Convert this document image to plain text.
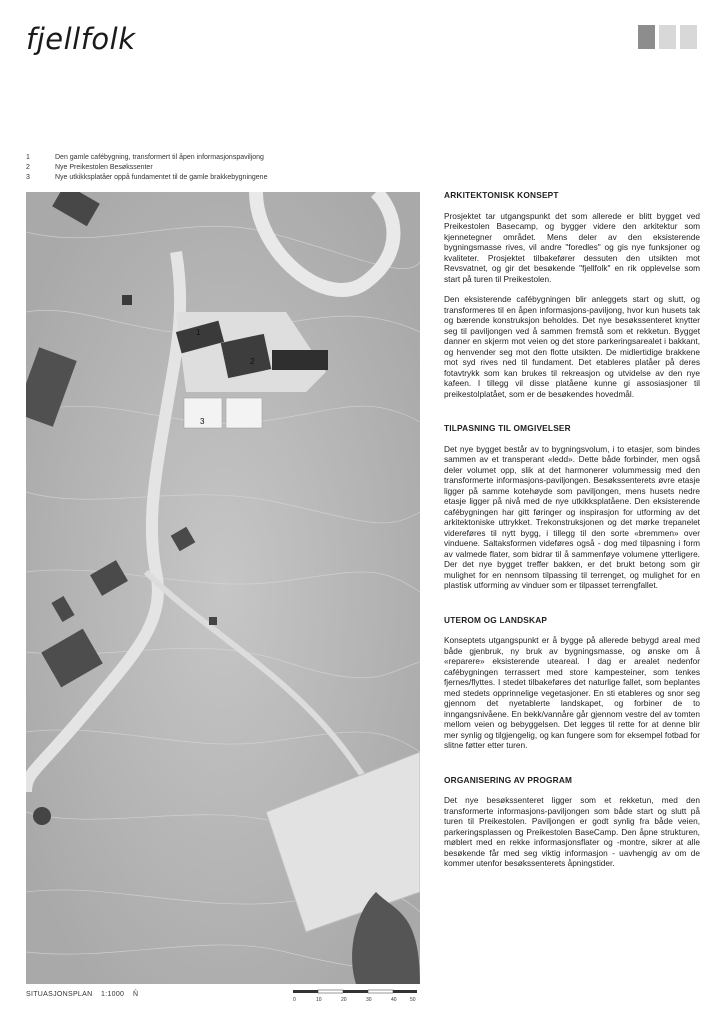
fjellfolk
1	Den gamle cafébygning, transformert til åpen informasjonspaviljong
2	Nye Preikestolen Besøkssenter
3	Nye utkikksplatåer oppå fundamentet til de gamle brakkebygningene
1
2
3
SITUASJONSPLAN 1:1000 N̂
0	10	20	30	40	50
ARKITEKTONISK KONSEPT

Prosjektet tar utgangspunkt det som allerede er blitt bygget ved Preikestolen Basecamp, og bygger videre den arkitektur som kjennetegner området. Mens deler av den eksisterende bygningsmasse rives, vil andre "foredles" og gis nye funksjoner og kvaliteter. Prosjektet tilbakefører dessuten den utsikten mot Revsvatnet, og gir det besøkende "fjellfolk" en rik opplevelse som start på turen til Preikestolen.

Den eksisterende cafébygningen blir anleggets start og slutt, og transformeres til en åpen informasjons-paviljong, hvor kun husets tak og bærende konstruksjon beholdes. Det nye besøkssenteret knytter seg til paviljongen ved å sammen fremstå som et rekketun. Bygget danner en skjerm mot veien og det store parkeringsarealet i bakkant, og henvender seg mot den flotte utsikten. De midlertidige brakkene mot syd rives ned til fundament. Det etableres platåer på deres fotavtrykk som kan brukes til rekreasjon og utvidelse av den nye kafeen. I tillegg vil disse platåene kunne gi assosiasjoner til preikestolplatået, som er de besøkendes hovedmål.

TILPASNING TIL OMGIVELSER

Det nye bygget består av to bygningsvolum, i to etasjer, som bindes sammen av et transperant «ledd». Dette både forbinder, men også deler volumet opp, slik at det harmonerer volummessig med den transformerte informasjons-paviljongen. Besøkssenterets øvre etasje ligger på samme kotehøyde som paviljongen, mens husets nedre etasje ligger på nivå med de nye utkikksplatåene. Den eksisterende cafébygningen har gitt føringer og inspirasjon for utforming av det arkitektoniske uttrykket. Trekonstruksjonen og det mørke trepanelet videreføres til nytt bygg, i tillegg til den sorte «bremmen» over vinduene. Saltaksformen videføres også - dog med tilpasning i form av valmede flater, som bidrar til å sammenføye volumene ytterligere. Der det nye bygget treffer bakken, er det brukt betong som gir mulighet for en nennsom tilpassing til terrenget, og mulighet for en plastisk utforming av vinduer som er tilpasset terrengfallet.

UTEROM OG LANDSKAP

Konseptets utgangspunkt er å bygge på allerede bebygd areal med både gjenbruk, ny bruk av bygningsmasse, og ønske om å «reparere» eksisterende uteareal. I dag er arealet nedenfor cafébygningen terrassert med store kampesteiner, som tenkes fjernes/flyttes. I stedet tilbakeføres det naturlige fallet, som beplantes med stedets opprinnelige vegetasjoner. En sti etableres og snor seg gjennom det nyetablerte landskapet, og forbiner de to inngangsnivåene. En bekk/vannåre går gjennom vestre del av tomten mellom veien og bebyggelsen. Det legges til rette for at denne blir mer synlig og tilgjengelig, og kan fungere som for eksempel fotbad for slitne føtter etter turen.

ORGANISERING AV PROGRAM

Det nye besøkssenteret ligger som et rekketun, med den transformerte informasjons-paviljongen som både start og slutt på turen til Preikestolen. Paviljongen er godt synlig fra både veien, parkeringsplassen og Preikestolen BaseCamp. Den åpne strukturen, møblert med en rekke informasjonsflater og -montre, sikrer at alle besøkende får med seg viktig informasjon - uavhengig av om de kommer utenfor besøkssenterets åpningstider.
